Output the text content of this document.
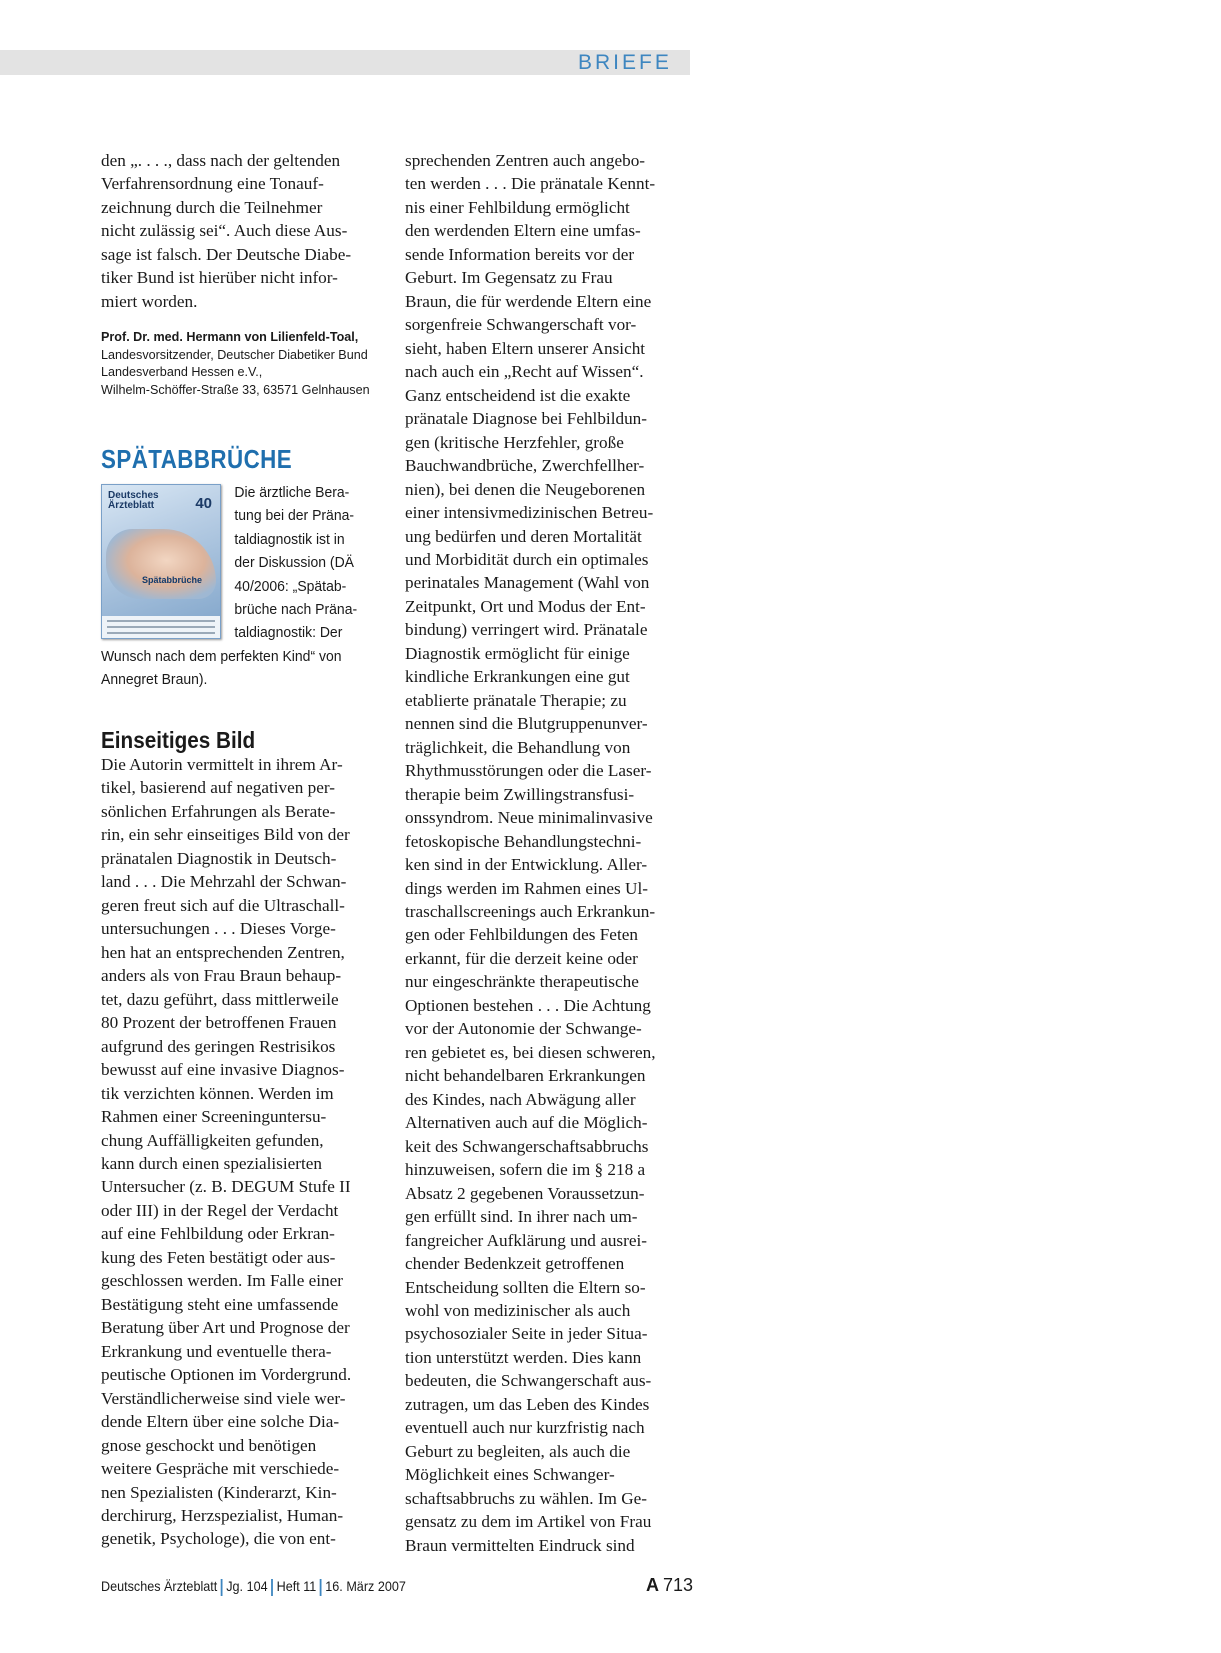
BRIEFE
den „. . . ., dass nach der geltenden
Verfahrensordnung eine Tonauf-
zeichnung durch die Teilnehmer
nicht zulässig sei“. Auch diese Aus-
sage ist falsch. Der Deutsche Diabe-
tiker Bund ist hierüber nicht infor-
miert worden.
Prof. Dr. med. Hermann von Lilienfeld-Toal,
Landesvorsitzender, Deutscher Diabetiker Bund
Landesverband Hessen e.V.,
Wilhelm-Schöffer-Straße 33, 63571 Gelnhausen
SPÄTABBRÜCHE
Deutsches
Ärzteblatt	40
Spätabbrüche
Die ärztliche Bera-
tung bei der Präna-
taldiagnostik ist in
der Diskussion (DÄ
40/2006: „Spätab-
brüche nach Präna-
taldiagnostik: Der
Wunsch nach dem perfekten Kind“ von
Annegret Braun).
Einseitiges Bild
Die Autorin vermittelt in ihrem Ar-
tikel, basierend auf negativen per-
sönlichen Erfahrungen als Berate-
rin, ein sehr einseitiges Bild von der
pränatalen Diagnostik in Deutsch-
land . . . Die Mehrzahl der Schwan-
geren freut sich auf die Ultraschall-
untersuchungen . . . Dieses Vorge-
hen hat an entsprechenden Zentren,
anders als von Frau Braun behaup-
tet, dazu geführt, dass mittlerweile
80 Prozent der betroffenen Frauen
aufgrund des geringen Restrisikos
bewusst auf eine invasive Diagnos-
tik verzichten können. Werden im
Rahmen einer Screeninguntersu-
chung Auffälligkeiten gefunden,
kann durch einen spezialisierten
Untersucher (z. B. DEGUM Stufe II
oder III) in der Regel der Verdacht
auf eine Fehlbildung oder Erkran-
kung des Feten bestätigt oder aus-
geschlossen werden. Im Falle einer
Bestätigung steht eine umfassende
Beratung über Art und Prognose der
Erkrankung und eventuelle thera-
peutische Optionen im Vordergrund.
Verständlicherweise sind viele wer-
dende Eltern über eine solche Dia-
gnose geschockt und benötigen
weitere Gespräche mit verschiede-
nen Spezialisten (Kinderarzt, Kin-
derchirurg, Herzspezialist, Human-
genetik, Psychologe), die von ent-
sprechenden Zentren auch angebo-
ten werden . . . Die pränatale Kennt-
nis einer Fehlbildung ermöglicht
den werdenden Eltern eine umfas-
sende Information bereits vor der
Geburt. Im Gegensatz zu Frau
Braun, die für werdende Eltern eine
sorgenfreie Schwangerschaft vor-
sieht, haben Eltern unserer Ansicht
nach auch ein „Recht auf Wissen“.
Ganz entscheidend ist die exakte
pränatale Diagnose bei Fehlbildun-
gen (kritische Herzfehler, große
Bauchwandbrüche, Zwerchfellher-
nien), bei denen die Neugeborenen
einer intensivmedizinischen Betreu-
ung bedürfen und deren Mortalität
und Morbidität durch ein optimales
perinatales Management (Wahl von
Zeitpunkt, Ort und Modus der Ent-
bindung) verringert wird. Pränatale
Diagnostik ermöglicht für einige
kindliche Erkrankungen eine gut
etablierte pränatale Therapie; zu
nennen sind die Blutgruppenunver-
träglichkeit, die Behandlung von
Rhythmusstörungen oder die Laser-
therapie beim Zwillingstransfusi-
onssyndrom. Neue minimalinvasive
fetoskopische Behandlungstechni-
ken sind in der Entwicklung. Aller-
dings werden im Rahmen eines Ul-
traschallscreenings auch Erkrankun-
gen oder Fehlbildungen des Feten
erkannt, für die derzeit keine oder
nur eingeschränkte therapeutische
Optionen bestehen . . . Die Achtung
vor der Autonomie der Schwange-
ren gebietet es, bei diesen schweren,
nicht behandelbaren Erkrankungen
des Kindes, nach Abwägung aller
Alternativen auch auf die Möglich-
keit des Schwangerschaftsabbruchs
hinzuweisen, sofern die im § 218 a
Absatz 2 gegebenen Voraussetzun-
gen erfüllt sind. In ihrer nach um-
fangreicher Aufklärung und ausrei-
chender Bedenkzeit getroffenen
Entscheidung sollten die Eltern so-
wohl von medizinischer als auch
psychosozialer Seite in jeder Situa-
tion unterstützt werden. Dies kann
bedeuten, die Schwangerschaft aus-
zutragen, um das Leben des Kindes
eventuell auch nur kurzfristig nach
Geburt zu begleiten, als auch die
Möglichkeit eines Schwanger-
schaftsabbruchs zu wählen. Im Ge-
gensatz zu dem im Artikel von Frau
Braun vermittelten Eindruck sind
Deutsches Ärzteblatt Jg. 104 Heft 11 16. März 2007	A 713
